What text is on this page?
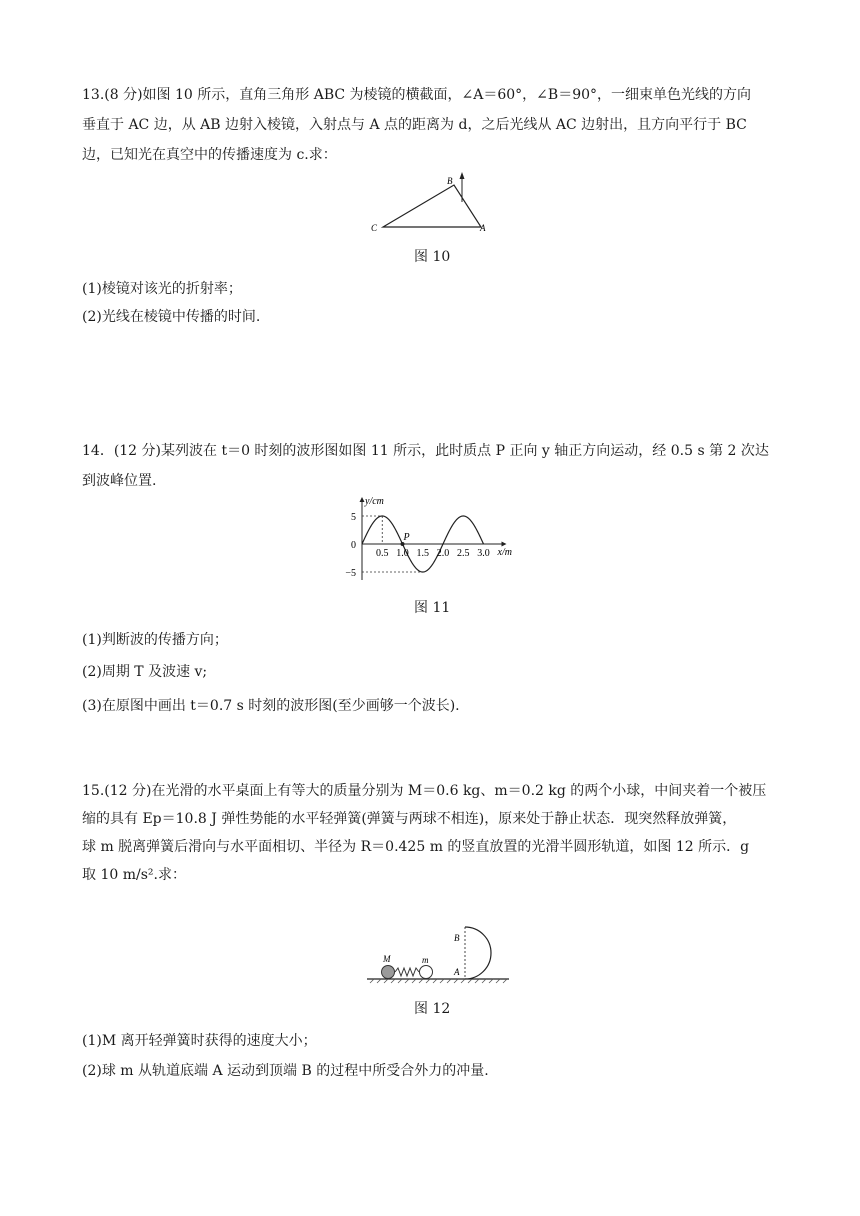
13.(8 分)如图 10 所示，直角三角形 ABC 为棱镜的横截面，∠A＝60°，∠B＝90°，一细束单色光线的方向
垂直于 AC 边，从 AB 边射入棱镜，入射点与 A 点的距离为 d，之后光线从 AC 边射出，且方向平行于 BC
边，已知光在真空中的传播速度为 c.求：
B
C	A
图 10
(1)棱镜对该光的折射率；
(2)光线在棱镜中传播的时间.
14．(12 分)某列波在 t＝0 时刻的波形图如图 11 所示，此时质点 P 正向 y 轴正方向运动，经 0.5 s 第 2 次达
到波峰位置.
y/cm
x/m
0.5 1.0 1.5 2.0 2.5 3.0
5
0
−5
P
图 11
(1)判断波的传播方向；
(2)周期 T 及波速 v;
(3)在原图中画出 t＝0.7 s 时刻的波形图(至少画够一个波长).
15.(12 分)在光滑的水平桌面上有等大的质量分别为 M＝0.6 kg、m＝0.2 kg 的两个小球，中间夹着一个被压
缩的具有 Ep＝10.8 J 弹性势能的水平轻弹簧(弹簧与两球不相连)，原来处于静止状态．现突然释放弹簧，
球 m 脱离弹簧后滑向与水平面相切、半径为 R＝0.425 m 的竖直放置的光滑半圆形轨道，如图 12 所示．g
取 10 m/s².求：
M	m
A
B
图 12
(1)M 离开轻弹簧时获得的速度大小；
(2)球 m 从轨道底端 A 运动到顶端 B 的过程中所受合外力的冲量.
